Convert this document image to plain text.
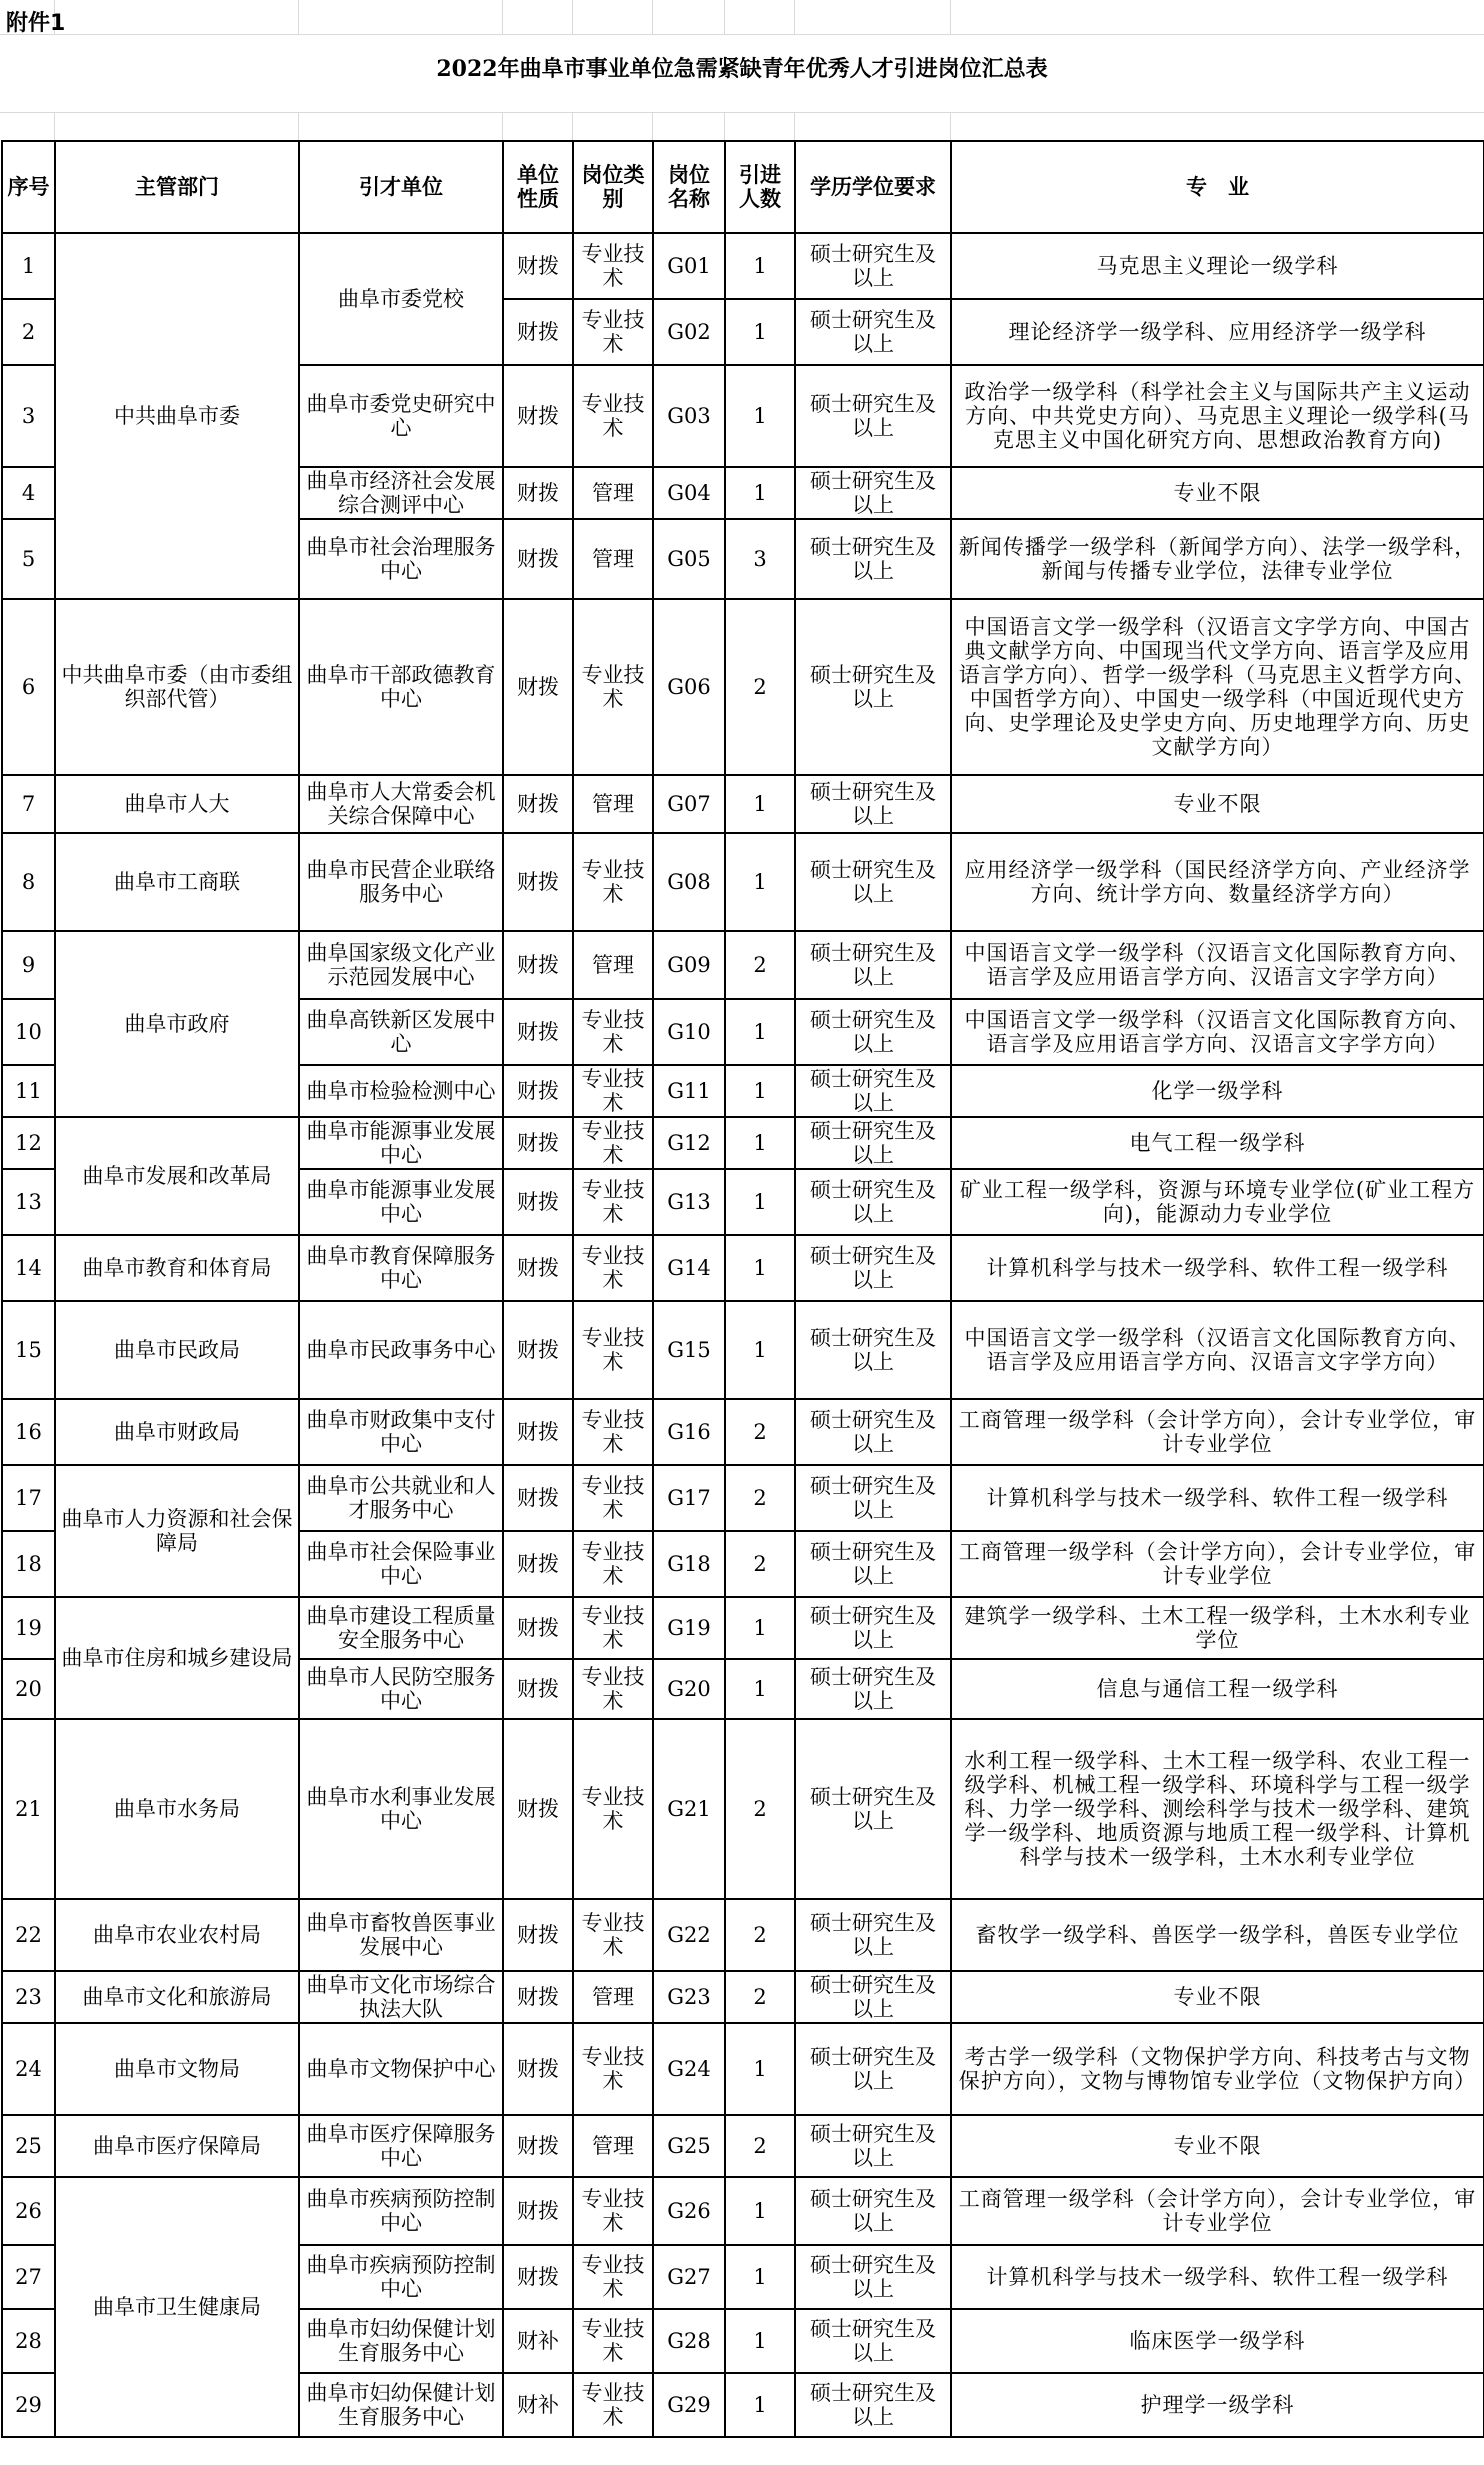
附件1
2022年曲阜市事业单位急需紧缺青年优秀人才引进岗位汇总表
序号	主管部门	引才单位	单位性质	岗位类别	岗位名称	引进人数	学历学位要求	专　业
1	中共曲阜市委	曲阜市委党校	财拨	专业技术	G01	1	硕士研究生及以上	马克思主义理论一级学科
2			财拨	专业技术	G02	1	硕士研究生及以上	理论经济学一级学科、应用经济学一级学科
3		曲阜市委党史研究中心	财拨	专业技术	G03	1	硕士研究生及以上	政治学一级学科（科学社会主义与国际共产主义运动方向、中共党史方向）、马克思主义理论一级学科(马克思主义中国化研究方向、思想政治教育方向)
4		曲阜市经济社会发展综合测评中心	财拨	管理	G04	1	硕士研究生及以上	专业不限
5		曲阜市社会治理服务中心	财拨	管理	G05	3	硕士研究生及以上	新闻传播学一级学科（新闻学方向）、法学一级学科，新闻与传播专业学位，法律专业学位
6	中共曲阜市委（由市委组织部代管）	曲阜市干部政德教育中心	财拨	专业技术	G06	2	硕士研究生及以上	中国语言文学一级学科（汉语言文字学方向、中国古典文献学方向、中国现当代文学方向、语言学及应用语言学方向）、哲学一级学科（马克思主义哲学方向、中国哲学方向）、中国史一级学科（中国近现代史方向、史学理论及史学史方向、历史地理学方向、历史文献学方向）
7	曲阜市人大	曲阜市人大常委会机关综合保障中心	财拨	管理	G07	1	硕士研究生及以上	专业不限
8	曲阜市工商联	曲阜市民营企业联络服务中心	财拨	专业技术	G08	1	硕士研究生及以上	应用经济学一级学科（国民经济学方向、产业经济学方向、统计学方向、数量经济学方向）
9	曲阜市政府	曲阜国家级文化产业示范园发展中心	财拨	管理	G09	2	硕士研究生及以上	中国语言文学一级学科（汉语言文化国际教育方向、语言学及应用语言学方向、汉语言文字学方向）
10		曲阜高铁新区发展中心	财拨	专业技术	G10	1	硕士研究生及以上	中国语言文学一级学科（汉语言文化国际教育方向、语言学及应用语言学方向、汉语言文字学方向）
11		曲阜市检验检测中心	财拨	专业技术	G11	1	硕士研究生及以上	化学一级学科
12	曲阜市发展和改革局	曲阜市能源事业发展中心	财拨	专业技术	G12	1	硕士研究生及以上	电气工程一级学科
13		曲阜市能源事业发展中心	财拨	专业技术	G13	1	硕士研究生及以上	矿业工程一级学科，资源与环境专业学位(矿业工程方向)，能源动力专业学位
14	曲阜市教育和体育局	曲阜市教育保障服务中心	财拨	专业技术	G14	1	硕士研究生及以上	计算机科学与技术一级学科、软件工程一级学科
15	曲阜市民政局	曲阜市民政事务中心	财拨	专业技术	G15	1	硕士研究生及以上	中国语言文学一级学科（汉语言文化国际教育方向、语言学及应用语言学方向、汉语言文字学方向）
16	曲阜市财政局	曲阜市财政集中支付中心	财拨	专业技术	G16	2	硕士研究生及以上	工商管理一级学科（会计学方向），会计专业学位，审计专业学位
17	曲阜市人力资源和社会保障局	曲阜市公共就业和人才服务中心	财拨	专业技术	G17	2	硕士研究生及以上	计算机科学与技术一级学科、软件工程一级学科
18		曲阜市社会保险事业中心	财拨	专业技术	G18	2	硕士研究生及以上	工商管理一级学科（会计学方向），会计专业学位，审计专业学位
19	曲阜市住房和城乡建设局	曲阜市建设工程质量安全服务中心	财拨	专业技术	G19	1	硕士研究生及以上	建筑学一级学科、土木工程一级学科，土木水利专业学位
20		曲阜市人民防空服务中心	财拨	专业技术	G20	1	硕士研究生及以上	信息与通信工程一级学科
21	曲阜市水务局	曲阜市水利事业发展中心	财拨	专业技术	G21	2	硕士研究生及以上	水利工程一级学科、土木工程一级学科、农业工程一级学科、机械工程一级学科、环境科学与工程一级学科、力学一级学科、测绘科学与技术一级学科、建筑学一级学科、地质资源与地质工程一级学科、计算机科学与技术一级学科，土木水利专业学位
22	曲阜市农业农村局	曲阜市畜牧兽医事业发展中心	财拨	专业技术	G22	2	硕士研究生及以上	畜牧学一级学科、兽医学一级学科，兽医专业学位
23	曲阜市文化和旅游局	曲阜市文化市场综合执法大队	财拨	管理	G23	2	硕士研究生及以上	专业不限
24	曲阜市文物局	曲阜市文物保护中心	财拨	专业技术	G24	1	硕士研究生及以上	考古学一级学科（文物保护学方向、科技考古与文物保护方向），文物与博物馆专业学位（文物保护方向）
25	曲阜市医疗保障局	曲阜市医疗保障服务中心	财拨	管理	G25	2	硕士研究生及以上	专业不限
26	曲阜市卫生健康局	曲阜市疾病预防控制中心	财拨	专业技术	G26	1	硕士研究生及以上	工商管理一级学科（会计学方向），会计专业学位，审计专业学位
27		曲阜市疾病预防控制中心	财拨	专业技术	G27	1	硕士研究生及以上	计算机科学与技术一级学科、软件工程一级学科
28		曲阜市妇幼保健计划生育服务中心	财补	专业技术	G28	1	硕士研究生及以上	临床医学一级学科
29		曲阜市妇幼保健计划生育服务中心	财补	专业技术	G29	1	硕士研究生及以上	护理学一级学科
